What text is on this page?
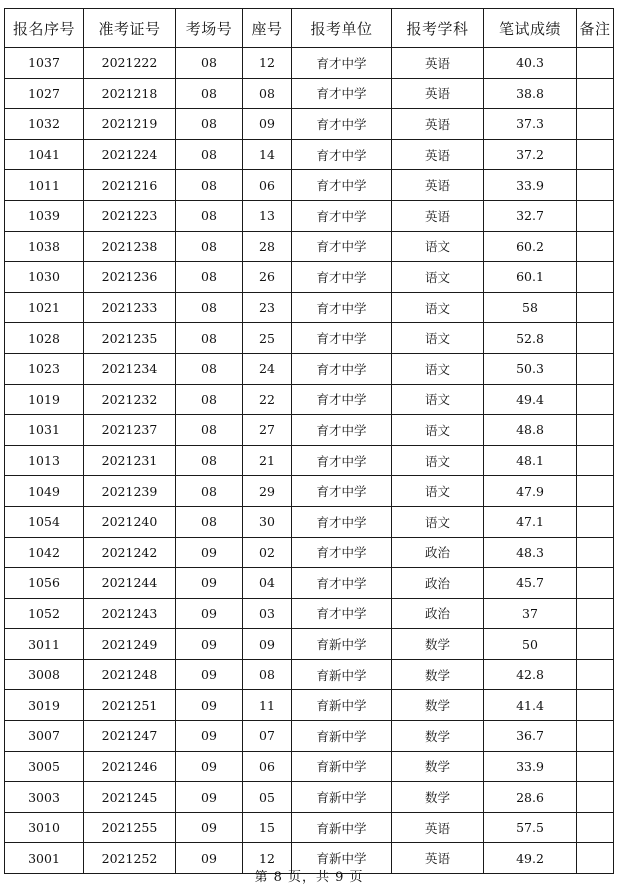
报名序号	准考证号	考场号	座号	报考单位	报考学科	笔试成绩	备注
1037	2021222	08	12	育才中学	英语	40.3	
1027	2021218	08	08	育才中学	英语	38.8	
1032	2021219	08	09	育才中学	英语	37.3	
1041	2021224	08	14	育才中学	英语	37.2	
1011	2021216	08	06	育才中学	英语	33.9	
1039	2021223	08	13	育才中学	英语	32.7	
1038	2021238	08	28	育才中学	语文	60.2	
1030	2021236	08	26	育才中学	语文	60.1	
1021	2021233	08	23	育才中学	语文	58	
1028	2021235	08	25	育才中学	语文	52.8	
1023	2021234	08	24	育才中学	语文	50.3	
1019	2021232	08	22	育才中学	语文	49.4	
1031	2021237	08	27	育才中学	语文	48.8	
1013	2021231	08	21	育才中学	语文	48.1	
1049	2021239	08	29	育才中学	语文	47.9	
1054	2021240	08	30	育才中学	语文	47.1	
1042	2021242	09	02	育才中学	政治	48.3	
1056	2021244	09	04	育才中学	政治	45.7	
1052	2021243	09	03	育才中学	政治	37	
3011	2021249	09	09	育新中学	数学	50	
3008	2021248	09	08	育新中学	数学	42.8	
3019	2021251	09	11	育新中学	数学	41.4	
3007	2021247	09	07	育新中学	数学	36.7	
3005	2021246	09	06	育新中学	数学	33.9	
3003	2021245	09	05	育新中学	数学	28.6	
3010	2021255	09	15	育新中学	英语	57.5	
3001	2021252	09	12	育新中学	英语	49.2	
第 8 页，共 9 页
